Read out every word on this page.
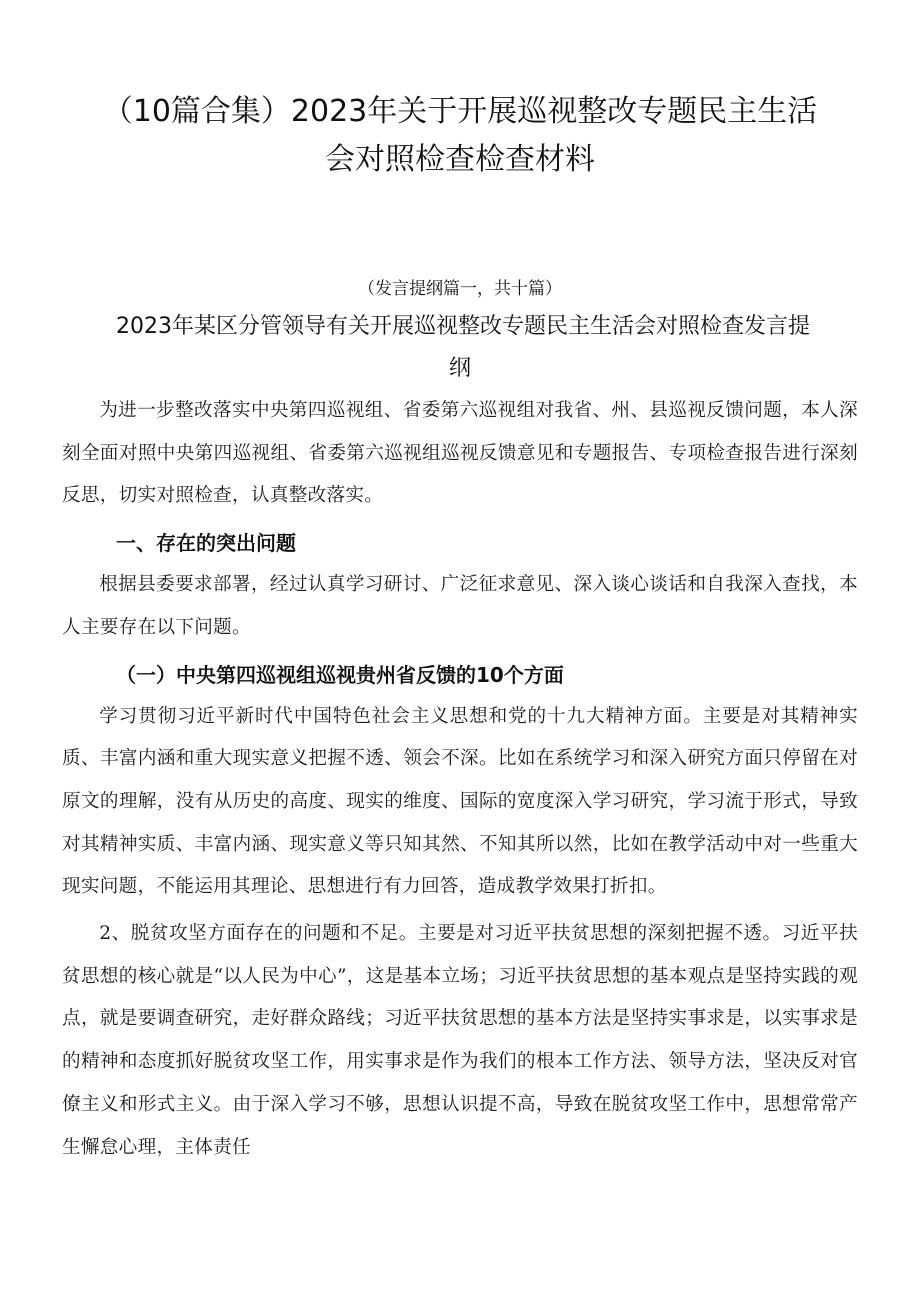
（10篇合集）2023年关于开展巡视整改专题民主生活
会对照检查检查材料
（发言提纲篇一，共十篇）
2023年某区分管领导有关开展巡视整改专题民主生活会对照检查发言提
纲

为进一步整改落实中央第四巡视组、省委第六巡视组对我省、州、县巡视反馈问题，本人深刻全面对照中央第四巡视组、省委第六巡视组巡视反馈意见和专题报告、专项检查报告进行深刻反思，切实对照检查，认真整改落实。

一、存在的突出问题

根据县委要求部署，经过认真学习研讨、广泛征求意见、深入谈心谈话和自我深入查找，本人主要存在以下问题。

（一）中央第四巡视组巡视贵州省反馈的10个方面

学习贯彻习近平新时代中国特色社会主义思想和党的十九大精神方面。主要是对其精神实质、丰富内涵和重大现实意义把握不透、领会不深。比如在系统学习和深入研究方面只停留在对原文的理解，没有从历史的高度、现实的维度、国际的宽度深入学习研究，学习流于形式，导致对其精神实质、丰富内涵、现实意义等只知其然、不知其所以然，比如在教学活动中对一些重大现实问题，不能运用其理论、思想进行有力回答，造成教学效果打折扣。

2、脱贫攻坚方面存在的问题和不足。主要是对习近平扶贫思想的深刻把握不透。习近平扶贫思想的核心就是“以人民为中心”，这是基本立场；习近平扶贫思想的基本观点是坚持实践的观点，就是要调查研究，走好群众路线；习近平扶贫思想的基本方法是坚持实事求是，以实事求是的精神和态度抓好脱贫攻坚工作，用实事求是作为我们的根本工作方法、领导方法，坚决反对官僚主义和形式主义。由于深入学习不够，思想认识提不高，导致在脱贫攻坚工作中，思想常常产生懈怠心理，主体责任
